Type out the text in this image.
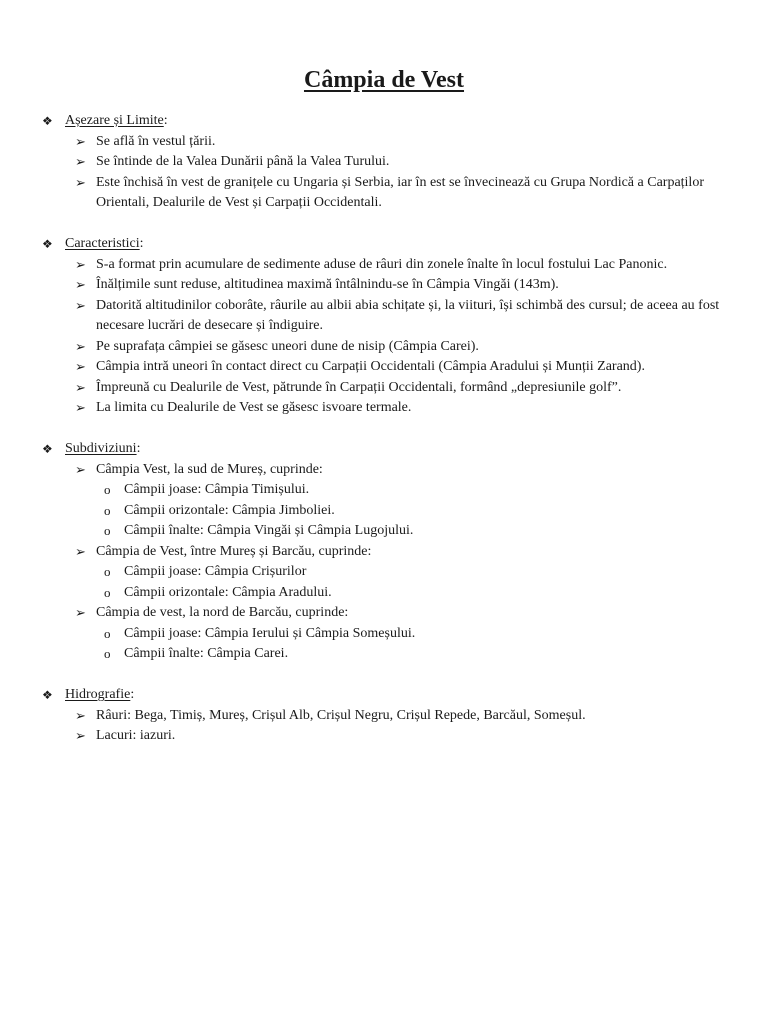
Câmpia de Vest
❖ Așezare și Limite:
➢ Se află în vestul țării.
➢ Se întinde de la Valea Dunării până la Valea Turului.
➢ Este închisă în vest de granițele cu Ungaria și Serbia, iar în est se învecinează cu Grupa Nordică a Carpaților Orientali, Dealurile de Vest și Carpații Occidentali.
❖ Caracteristici:
➢ S-a format prin acumulare de sedimente aduse de râuri din zonele înalte în locul fostului Lac Panonic.
➢ Înălțimile sunt reduse, altitudinea maximă întâlnindu-se în Câmpia Vingăi (143m).
➢ Datorită altitudinilor coborâte, râurile au albii abia schițate și, la viituri, își schimbă des cursul; de aceea au fost necesare lucrări de desecare și îndiguire.
➢ Pe suprafața câmpiei se găsesc uneori dune de nisip (Câmpia Carei).
➢ Câmpia intră uneori în contact direct cu Carpații Occidentali (Câmpia Aradului și Munții Zarand).
➢ Împreună cu Dealurile de Vest, pătrunde în Carpații Occidentali, formând „depresiunile golf”.
➢ La limita cu Dealurile de Vest se găsesc isvoare termale.
❖ Subdiviziuni:
➢ Câmpia Vest, la sud de Mureș, cuprinde:
o Câmpii joase: Câmpia Timișului.
o Câmpii orizontale: Câmpia Jimboliei.
o Câmpii înalte: Câmpia Vingăi și Câmpia Lugojului.
➢ Câmpia de Vest, între Mureș și Barcău, cuprinde:
o Câmpii joase: Câmpia Crișurilor
o Câmpii orizontale: Câmpia Aradului.
➢ Câmpia de vest, la nord de Barcău, cuprinde:
o Câmpii joase: Câmpia Ierului și Câmpia Someșului.
o Câmpii înalte: Câmpia Carei.
❖ Hidrografie:
➢ Râuri: Bega, Timiș, Mureș, Crișul Alb, Crișul Negru, Crișul Repede, Barcăul, Someșul.
➢ Lacuri: iazuri.
